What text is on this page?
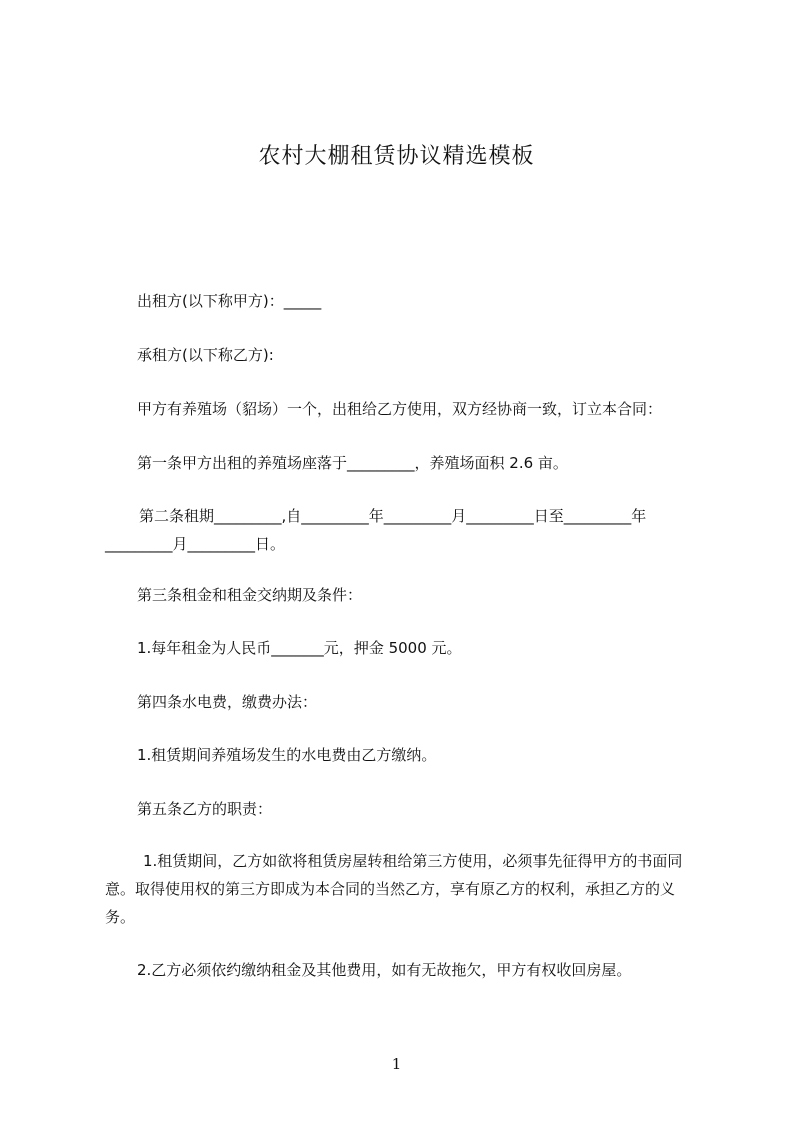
农村大棚租赁协议精选模板
出租方(以下称甲方)：_____
承租方(以下称乙方):
甲方有养殖场（貂场）一个，出租给乙方使用，双方经协商一致，订立本合同：
第一条甲方出租的养殖场座落于_________，养殖场面积 2.6 亩。
第二条租期_________,自_________年_________月_________日至_________年_________月_________日。
第三条租金和租金交纳期及条件：
1.每年租金为人民币_______元，押金 5000 元。
第四条水电费，缴费办法：
1.租赁期间养殖场发生的水电费由乙方缴纳。
第五条乙方的职责：
1.租赁期间，乙方如欲将租赁房屋转租给第三方使用，必须事先征得甲方的书面同意。取得使用权的第三方即成为本合同的当然乙方，享有原乙方的权利，承担乙方的义务。
2.乙方必须依约缴纳租金及其他费用，如有无故拖欠，甲方有权收回房屋。
1
